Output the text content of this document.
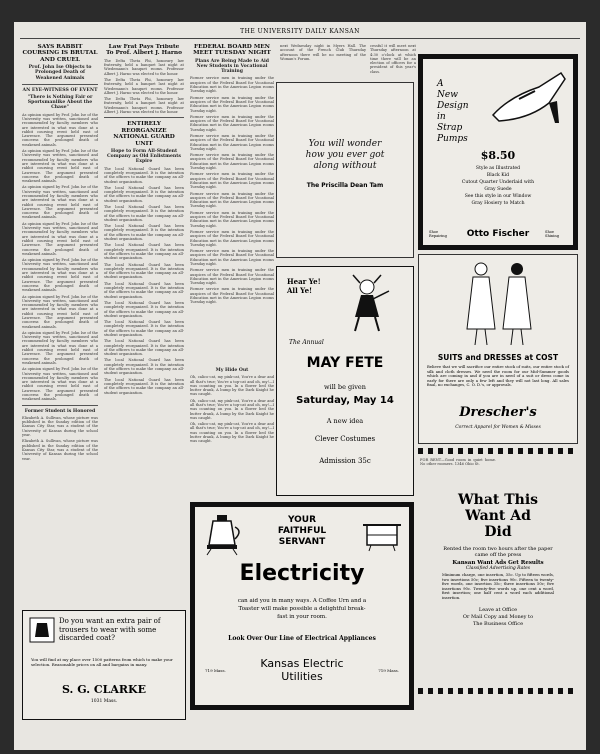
THE UNIVERSITY DAILY KANSAN
SAYS RABBIT COURSING IS BRUTAL AND CRUEL
Prof. John Ise Objects to Prolonged Death of Weakened Animals
AN EYE-WITNESS OF EVENT
"There is Nothing Fair or Sportsmanlike About the Chase"

As opinion signed by Prof. John Ise of the University was written, sanctioned and recommended by faculty members who are interested in what was done at a rabbit coursing event held east of Lawrence. The argument presented concerns the prolonged death of weakened animals.

As opinion signed by Prof. John Ise of the University was written, sanctioned and recommended by faculty members who are interested in what was done at a rabbit coursing event held east of Lawrence. The argument presented concerns the prolonged death of weakened animals.

As opinion signed by Prof. John Ise of the University was written, sanctioned and recommended by faculty members who are interested in what was done at a rabbit coursing event held east of Lawrence. The argument presented concerns the prolonged death of weakened animals.

As opinion signed by Prof. John Ise of the University was written, sanctioned and recommended by faculty members who are interested in what was done at a rabbit coursing event held east of Lawrence. The argument presented concerns the prolonged death of weakened animals.

As opinion signed by Prof. John Ise of the University was written, sanctioned and recommended by faculty members who are interested in what was done at a rabbit coursing event held east of Lawrence. The argument presented concerns the prolonged death of weakened animals.

As opinion signed by Prof. John Ise of the University was written, sanctioned and recommended by faculty members who are interested in what was done at a rabbit coursing event held east of Lawrence. The argument presented concerns the prolonged death of weakened animals.

As opinion signed by Prof. John Ise of the University was written, sanctioned and recommended by faculty members who are interested in what was done at a rabbit coursing event held east of Lawrence. The argument presented concerns the prolonged death of weakened animals.

As opinion signed by Prof. John Ise of the University was written, sanctioned and recommended by faculty members who are interested in what was done at a rabbit coursing event held east of Lawrence. The argument presented concerns the prolonged death of weakened animals.

Former Student is Honored

Elizabeth A. Sullivan, whose picture was published in the Sunday edition of the Kansas City Star, was a student of the University of Kansas during the school year.

Elizabeth A. Sullivan, whose picture was published in the Sunday edition of the Kansas City Star, was a student of the University of Kansas during the school year.

Law Frat Pays Tribute To Prof. Albert J. Harno

The Delta Theta Phi, honorary law fraternity, held a banquet last night at Wiedemann's banquet rooms. Professor Albert J. Harno was elected to the honor.

The Delta Theta Phi, honorary law fraternity, held a banquet last night at Wiedemann's banquet rooms. Professor Albert J. Harno was elected to the honor.

The Delta Theta Phi, honorary law fraternity, held a banquet last night at Wiedemann's banquet rooms. Professor Albert J. Harno was elected to the honor.

ENTIRELY REORGANIZE NATIONAL GUARD UNIT
Hope to Form All-Student Company as Old Enlistments Expire

The local National Guard has been completely reorganized. It is the intention of the officers to make the company an all-student organization.

The local National Guard has been completely reorganized. It is the intention of the officers to make the company an all-student organization.

The local National Guard has been completely reorganized. It is the intention of the officers to make the company an all-student organization.

The local National Guard has been completely reorganized. It is the intention of the officers to make the company an all-student organization.

The local National Guard has been completely reorganized. It is the intention of the officers to make the company an all-student organization.

The local National Guard has been completely reorganized. It is the intention of the officers to make the company an all-student organization.

The local National Guard has been completely reorganized. It is the intention of the officers to make the company an all-student organization.

The local National Guard has been completely reorganized. It is the intention of the officers to make the company an all-student organization.

The local National Guard has been completely reorganized. It is the intention of the officers to make the company an all-student organization.

The local National Guard has been completely reorganized. It is the intention of the officers to make the company an all-student organization.

The local National Guard has been completely reorganized. It is the intention of the officers to make the company an all-student organization.

The local National Guard has been completely reorganized. It is the intention of the officers to make the company an all-student organization.

FEDERAL BOARD MEN MEET TUESDAY NIGHT
Plans Are Being Made to Aid New Students in Vocational Training

Former service men in training under the auspices of the Federal Board for Vocational Education met in the American Legion rooms Tuesday night.

Former service men in training under the auspices of the Federal Board for Vocational Education met in the American Legion rooms Tuesday night.

Former service men in training under the auspices of the Federal Board for Vocational Education met in the American Legion rooms Tuesday night.

Former service men in training under the auspices of the Federal Board for Vocational Education met in the American Legion rooms Tuesday night.

Former service men in training under the auspices of the Federal Board for Vocational Education met in the American Legion rooms Tuesday night.

Former service men in training under the auspices of the Federal Board for Vocational Education met in the American Legion rooms Tuesday night.

Former service men in training under the auspices of the Federal Board for Vocational Education met in the American Legion rooms Tuesday night.

Former service men in training under the auspices of the Federal Board for Vocational Education met in the American Legion rooms Tuesday night.

Former service men in training under the auspices of the Federal Board for Vocational Education met in the American Legion rooms Tuesday night.

Former service men in training under the auspices of the Federal Board for Vocational Education met in the American Legion rooms Tuesday night.

Former service men in training under the auspices of the Federal Board for Vocational Education met in the American Legion rooms Tuesday night.

Former service men in training under the auspices of the Federal Board for Vocational Education met in the American Legion rooms Tuesday night.

next Wednesday night in Myers Hall. The account of the French Club Thursday afternoon there will be no meeting of the Woman's Forum.

cessful it will meet next Thursday afternoon at 4:30 o'clock at which time there will be an election of officers for a president of this year's class.

You will wonder
how you ever got
along without
The Priscilla Dean Tam
A
New
Design
in
Strap
Pumps
$8.50
Style as Illustrated
Black Kid
Cutout Quarter Underlaid with
Gray Suede
See this style in our Window
Gray Hosiery to Match
Shoe Repairing	Otto Fischer	Shoe Shining
Hear Ye!
All Ye!
The Annual
MAY FETE
will be given
Saturday, May 14
A new idea
Clever Costumes
Admission 35c
My Hide Out

Oh, calico-cat, my pink-cat, You're a dear and all that's true; You're a top-cat and oh, my!—I was counting on you. In a flower bed the butter drank, A bump by the Dark Knight he was caught.

Oh, calico-cat, my pink-cat, You're a dear and all that's true; You're a top-cat and oh, my!—I was counting on you. In a flower bed the butter drank, A bump by the Dark Knight he was caught.

Oh, calico-cat, my pink-cat, You're a dear and all that's true; You're a top-cat and oh, my!—I was counting on you. In a flower bed the butter drank, A bump by the Dark Knight he was caught.

SUITS and DRESSES at COST
Believe that we will sacrifice our entire stock of suits, our entire stock of silk and cloth dresses. We need the room for our Mid-Summer goods which are coming in and if you are in need of a suit or dress come in early for there are only a few left and they will not last long. All sales final, no exchanges, C. O. D.'s, or approvals.
Drescher's
Correct Apparel for Women & Misses

FOR RENT—Good room in quiet home. No other roomers. 1346 Ohio St.

What This
Want Ad
Did
Rented the room two hours after the paper came off the press
Kansan Want Ads Get Results
Classified Advertising Rates
Minimum charge, one insertion, 35c. Up to fifteen words, two insertions 50c; five insertions 90c. Fifteen to twenty-five words, one insertion 35c; three insertions 50c; five insertions 90c. Twenty-five words up, one cent a word, first insertion; one half cent a word each additional insertion.
Leave at Office
Or Mail Copy and Money to
The Business Office
YOUR
FAITHFUL
SERVANT
Electricity
can aid you in many ways. A Coffee Urn and a
Toaster will make possible a delightful break-
fast in your room.
Look Over Our Line of Electrical Appliances
719 Mass.	Kansas Electric
Utilities	719 Mass.
Do you want an extra pair of trousers to wear with some discarded coat?
You will find at my place over 1500 patterns from which to make your selection. Reasonable prices on all and bargains in many.
S. G. CLARKE
1031 Mass.
